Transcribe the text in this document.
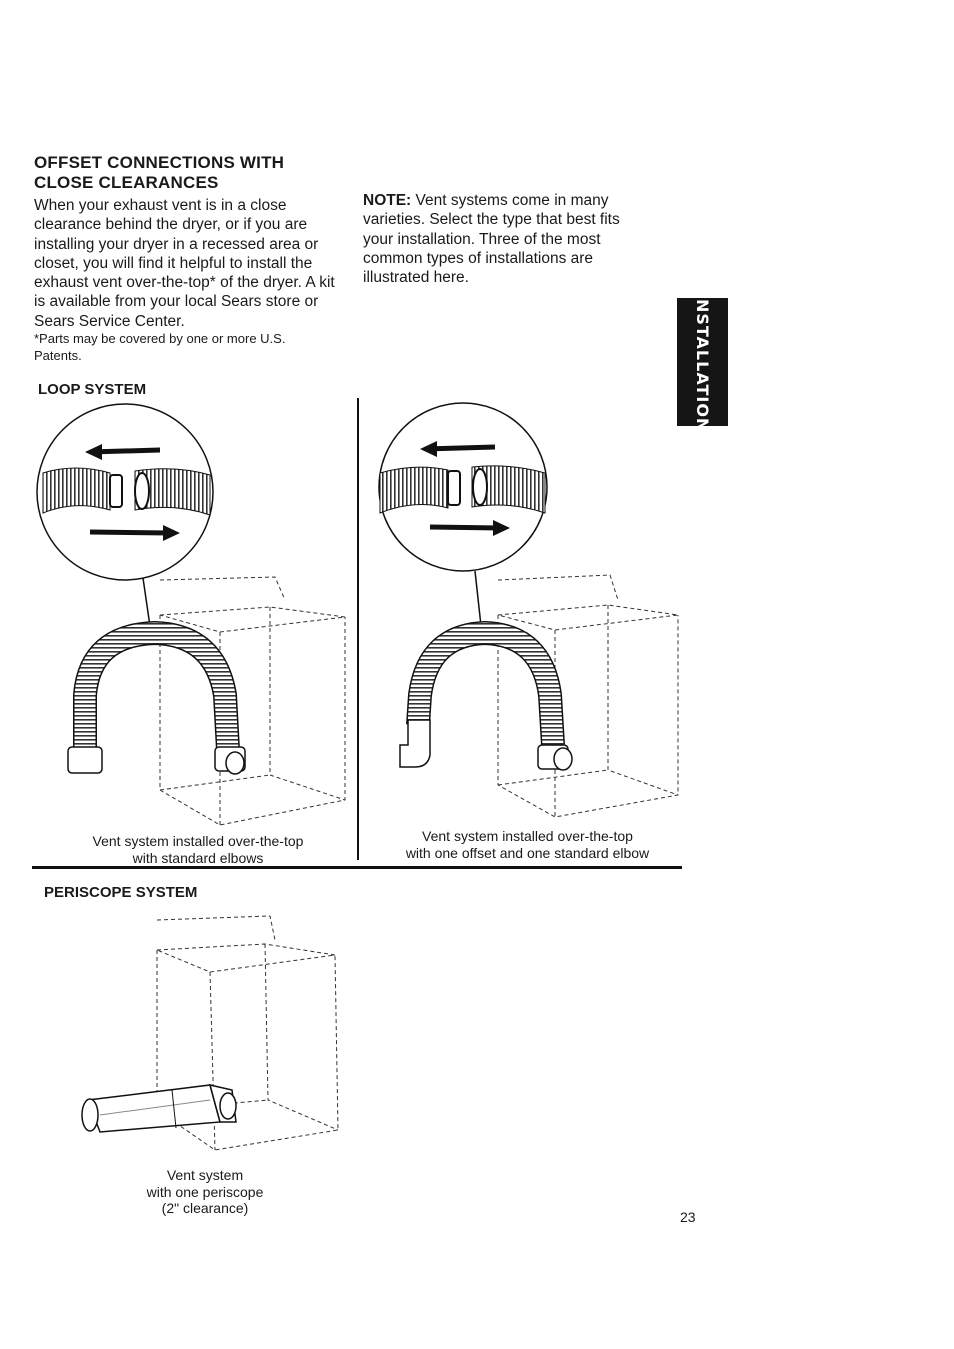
OFFSET CONNECTIONS WITH CLOSE CLEARANCES
When your exhaust vent is in a close clearance behind the dryer, or if you are installing your dryer in a recessed area or closet, you will find it helpful to install the exhaust vent over-the-top* of the dryer. A kit is available from your local Sears store or Sears Service Center.
*Parts may be covered by one or more U.S. Patents.
NOTE: Vent systems come in many varieties. Select the type that best fits your installation. Three of the most common types of installations are illustrated here.
INSTALLATION
LOOP SYSTEM
Vent system installed over-the-top
with standard elbows
Vent system installed over-the-top
with one offset and one standard elbow
PERISCOPE SYSTEM
Vent system
with one periscope
(2" clearance)
23
